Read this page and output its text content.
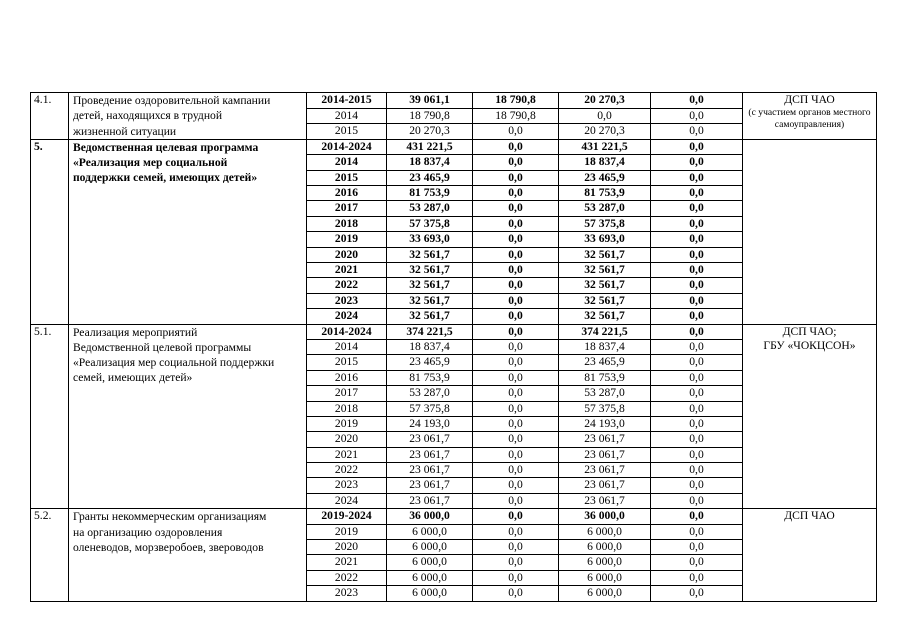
4.1.	Проведение оздоровительной кампании
детей, находящихся в трудной
жизненной ситуации	2014-2015	39 061,1	18 790,8	20 270,3	0,0	ДСП ЧАО
(с участием органов местного самоуправления)

		2014	18 790,8	18 790,8	0,0	0,0	
		2015	20 270,3	0,0	20 270,3	0,0	
5.	Ведомственная целевая программа
«Реализация мер социальной
поддержки семей, имеющих детей»	2014-2024	431 221,5	0,0	431 221,5	0,0	
		2014	18 837,4	0,0	18 837,4	0,0	
		2015	23 465,9	0,0	23 465,9	0,0	
		2016	81 753,9	0,0	81 753,9	0,0	
		2017	53 287,0	0,0	53 287,0	0,0	
		2018	57 375,8	0,0	57 375,8	0,0	
		2019	33 693,0	0,0	33 693,0	0,0	
		2020	32 561,7	0,0	32 561,7	0,0	
		2021	32 561,7	0,0	32 561,7	0,0	
		2022	32 561,7	0,0	32 561,7	0,0	
		2023	32 561,7	0,0	32 561,7	0,0	
		2024	32 561,7	0,0	32 561,7	0,0	
5.1.	Реализация мероприятий
Ведомственной целевой программы
«Реализация мер социальной поддержки
семей, имеющих детей»	2014-2024	374 221,5	0,0	374 221,5	0,0	ДСП ЧАО;
ГБУ «ЧОКЦСОН»

		2014	18 837,4	0,0	18 837,4	0,0	
		2015	23 465,9	0,0	23 465,9	0,0	
		2016	81 753,9	0,0	81 753,9	0,0	
		2017	53 287,0	0,0	53 287,0	0,0	
		2018	57 375,8	0,0	57 375,8	0,0	
		2019	24 193,0	0,0	24 193,0	0,0	
		2020	23 061,7	0,0	23 061,7	0,0	
		2021	23 061,7	0,0	23 061,7	0,0	
		2022	23 061,7	0,0	23 061,7	0,0	
		2023	23 061,7	0,0	23 061,7	0,0	
		2024	23 061,7	0,0	23 061,7	0,0	
5.2.	Гранты некоммерческим организациям
на организацию оздоровления
оленеводов, морзверобоев, звероводов	2019-2024	36 000,0	0,0	36 000,0	0,0	ДСП ЧАО

		2019	6 000,0	0,0	6 000,0	0,0	
		2020	6 000,0	0,0	6 000,0	0,0	
		2021	6 000,0	0,0	6 000,0	0,0	
		2022	6 000,0	0,0	6 000,0	0,0	
		2023	6 000,0	0,0	6 000,0	0,0	
